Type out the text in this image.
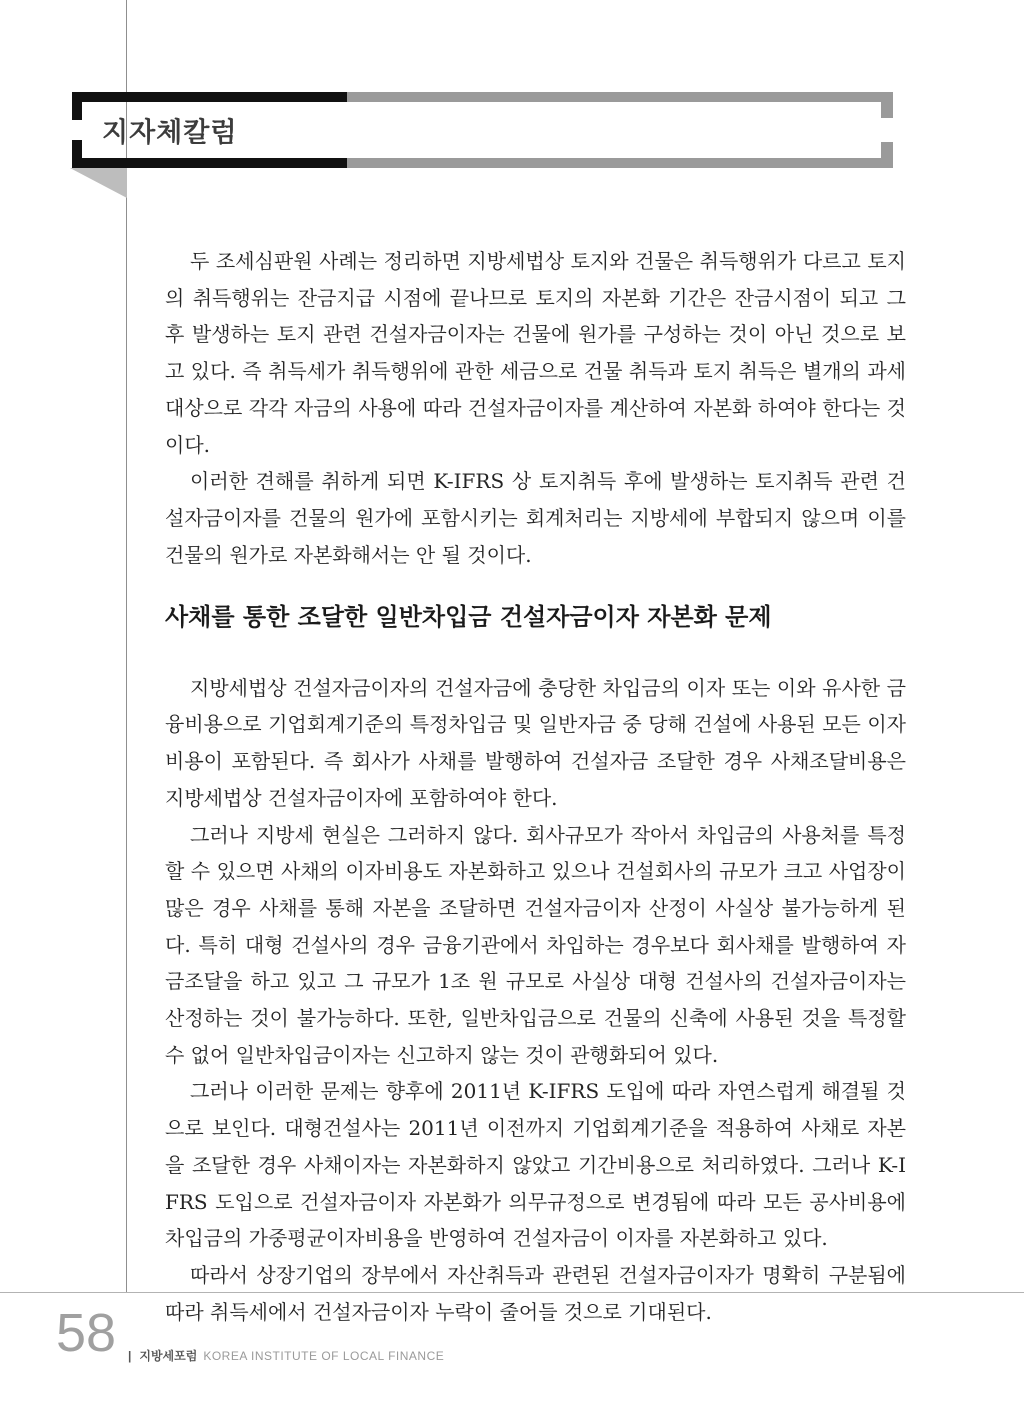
지자체칼럼

두 조세심판원 사례는 정리하면 지방세법상 토지와 건물은 취득행위가 다르고 토지의 취득행위는 잔금지급 시점에 끝나므로 토지의 자본화 기간은 잔금시점이 되고 그 후 발생하는 토지 관련 건설자금이자는 건물에 원가를 구성하는 것이 아닌 것으로 보고 있다. 즉 취득세가 취득행위에 관한 세금으로 건물 취득과 토지 취득은 별개의 과세대상으로 각각 자금의 사용에 따라 건설자금이자를 계산하여 자본화 하여야 한다는 것이다.

이러한 견해를 취하게 되면 K-IFRS 상 토지취득 후에 발생하는 토지취득 관련 건설자금이자를 건물의 원가에 포함시키는 회계처리는 지방세에 부합되지 않으며 이를 건물의 원가로 자본화해서는 안 될 것이다.

사채를 통한 조달한 일반차입금 건설자금이자 자본화 문제

지방세법상 건설자금이자의 건설자금에 충당한 차입금의 이자 또는 이와 유사한 금융비용으로 기업회계기준의 특정차입금 및 일반자금 중 당해 건설에 사용된 모든 이자비용이 포함된다. 즉 회사가 사채를 발행하여 건설자금 조달한 경우 사채조달비용은 지방세법상 건설자금이자에 포함하여야 한다.

그러나 지방세 현실은 그러하지 않다. 회사규모가 작아서 차입금의 사용처를 특정할 수 있으면 사채의 이자비용도 자본화하고 있으나 건설회사의 규모가 크고 사업장이 많은 경우 사채를 통해 자본을 조달하면 건설자금이자 산정이 사실상 불가능하게 된다. 특히 대형 건설사의 경우 금융기관에서 차입하는 경우보다 회사채를 발행하여 자금조달을 하고 있고 그 규모가 1조 원 규모로 사실상 대형 건설사의 건설자금이자는 산정하는 것이 불가능하다. 또한, 일반차입금으로 건물의 신축에 사용된 것을 특정할 수 없어 일반차입금이자는 신고하지 않는 것이 관행화되어 있다.

그러나 이러한 문제는 향후에 2011년 K-IFRS 도입에 따라 자연스럽게 해결될 것으로 보인다. 대형건설사는 2011년 이전까지 기업회계기준을 적용하여 사채로 자본을 조달한 경우 사채이자는 자본화하지 않았고 기간비용으로 처리하였다. 그러나 K-IFRS 도입으로 건설자금이자 자본화가 의무규정으로 변경됨에 따라 모든 공사비용에 차입금의 가중평균이자비용을 반영하여 건설자금이 이자를 자본화하고 있다.

따라서 상장기업의 장부에서 자산취득과 관련된 건설자금이자가 명확히 구분됨에 따라 취득세에서 건설자금이자 누락이 줄어들 것으로 기대된다.

58 | 지방세포럼 KOREA INSTITUTE OF LOCAL FINANCE
